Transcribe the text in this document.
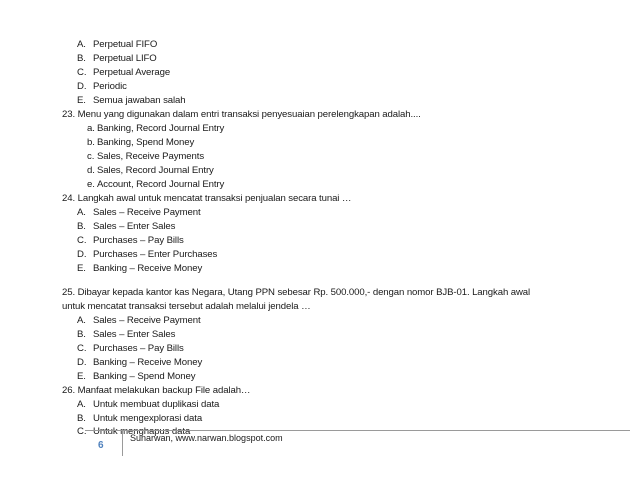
A. Perpetual FIFO
B. Perpetual LIFO
C. Perpetual Average
D. Periodic
E. Semua jawaban salah
23. Menu yang digunakan dalam entri transaksi penyesuaian perelengkapan adalah....
a. Banking, Record Journal Entry
b. Banking, Spend Money
c. Sales, Receive Payments
d. Sales, Record Journal Entry
e. Account, Record Journal Entry
24. Langkah awal untuk mencatat transaksi penjualan secara tunai …
A. Sales – Receive Payment
B. Sales – Enter Sales
C. Purchases – Pay Bills
D. Purchases – Enter Purchases
E. Banking – Receive Money
25. Dibayar kepada kantor kas Negara, Utang PPN sebesar Rp. 500.000,- dengan nomor BJB-01. Langkah awal
untuk mencatat transaksi tersebut adalah melalui jendela …
A. Sales – Receive Payment
B. Sales – Enter Sales
C. Purchases – Pay Bills
D. Banking – Receive Money
E. Banking – Spend Money
26. Manfaat melakukan backup File adalah…
A. Untuk membuat duplikasi data
B. Untuk mengexplorasi data
C. Untuk menghapus data
6
Sunarwan, www.narwan.blogspot.com
